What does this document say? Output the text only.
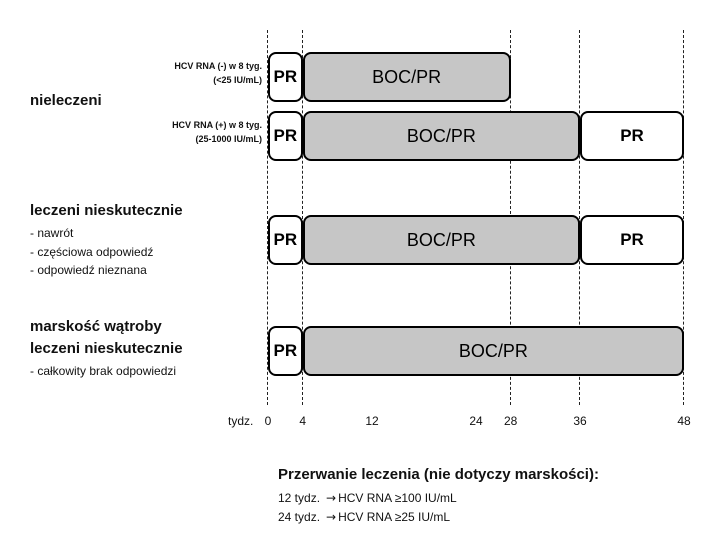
PR	BOC/PR
HCV RNA (-) w 8 tyg.
(<25 IU/mL)
PR	BOC/PR	PR
HCV RNA (+) w 8 tyg.
(25-1000 IU/mL)
PR	BOC/PR	PR
PR	BOC/PR
nieleczeni
leczeni nieskutecznie
- nawrót
- częściowa odpowiedź
- odpowiedź nieznana
marskość wątroby
leczeni nieskutecznie
- całkowity brak odpowiedzi
tydz. 0	4	12	24	28	36	48
Przerwanie leczenia (nie dotyczy marskości):
12 tydz. → HCV RNA ≥100 IU/mL
24 tydz. → HCV RNA ≥25 IU/mL
